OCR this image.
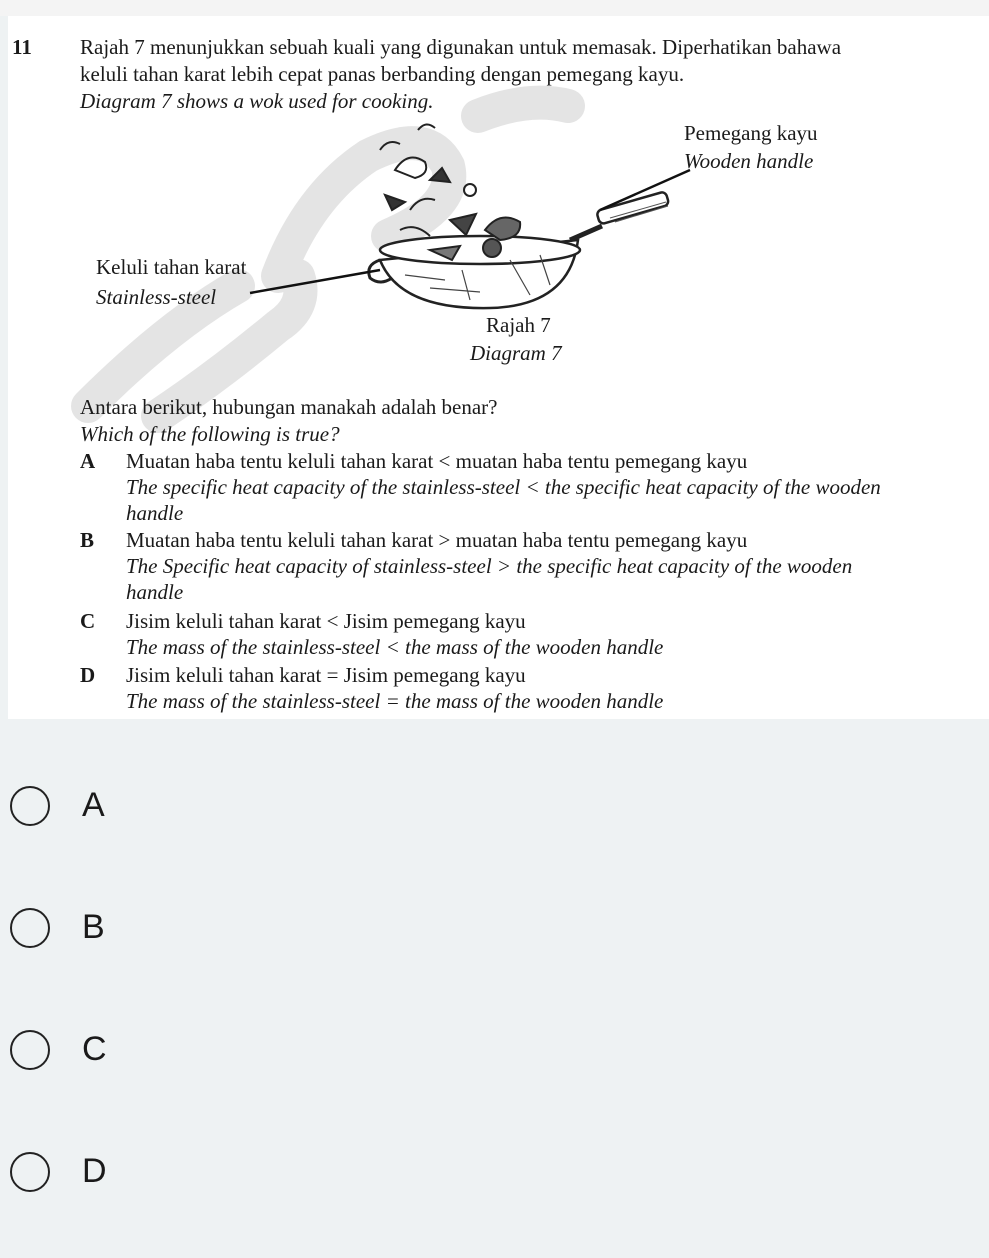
11 Rajah 7 menunjukkan sebuah kuali yang digunakan untuk memasak. Diperhatikan bahawa
keluli tahan karat lebih cepat panas berbanding dengan pemegang kayu.
Diagram 7 shows a wok used for cooking.
Pemegang kayu
Wooden handle
Keluli tahan karat
Stainless-steel
Rajah 7
Diagram 7
Antara berikut, hubungan manakah adalah benar?
Which of the following is true?
A Muatan haba tentu keluli tahan karat < muatan haba tentu pemegang kayu
The specific heat capacity of the stainless-steel < the specific heat capacity of the wooden
handle
B Muatan haba tentu keluli tahan karat > muatan haba tentu pemegang kayu
The Specific heat capacity of stainless-steel > the specific heat capacity of the wooden
handle
C Jisim keluli tahan karat < Jisim pemegang kayu
The mass of the stainless-steel < the mass of the wooden handle
D Jisim keluli tahan karat = Jisim pemegang kayu
The mass of the stainless-steel = the mass of the wooden handle
A
B
C
D
